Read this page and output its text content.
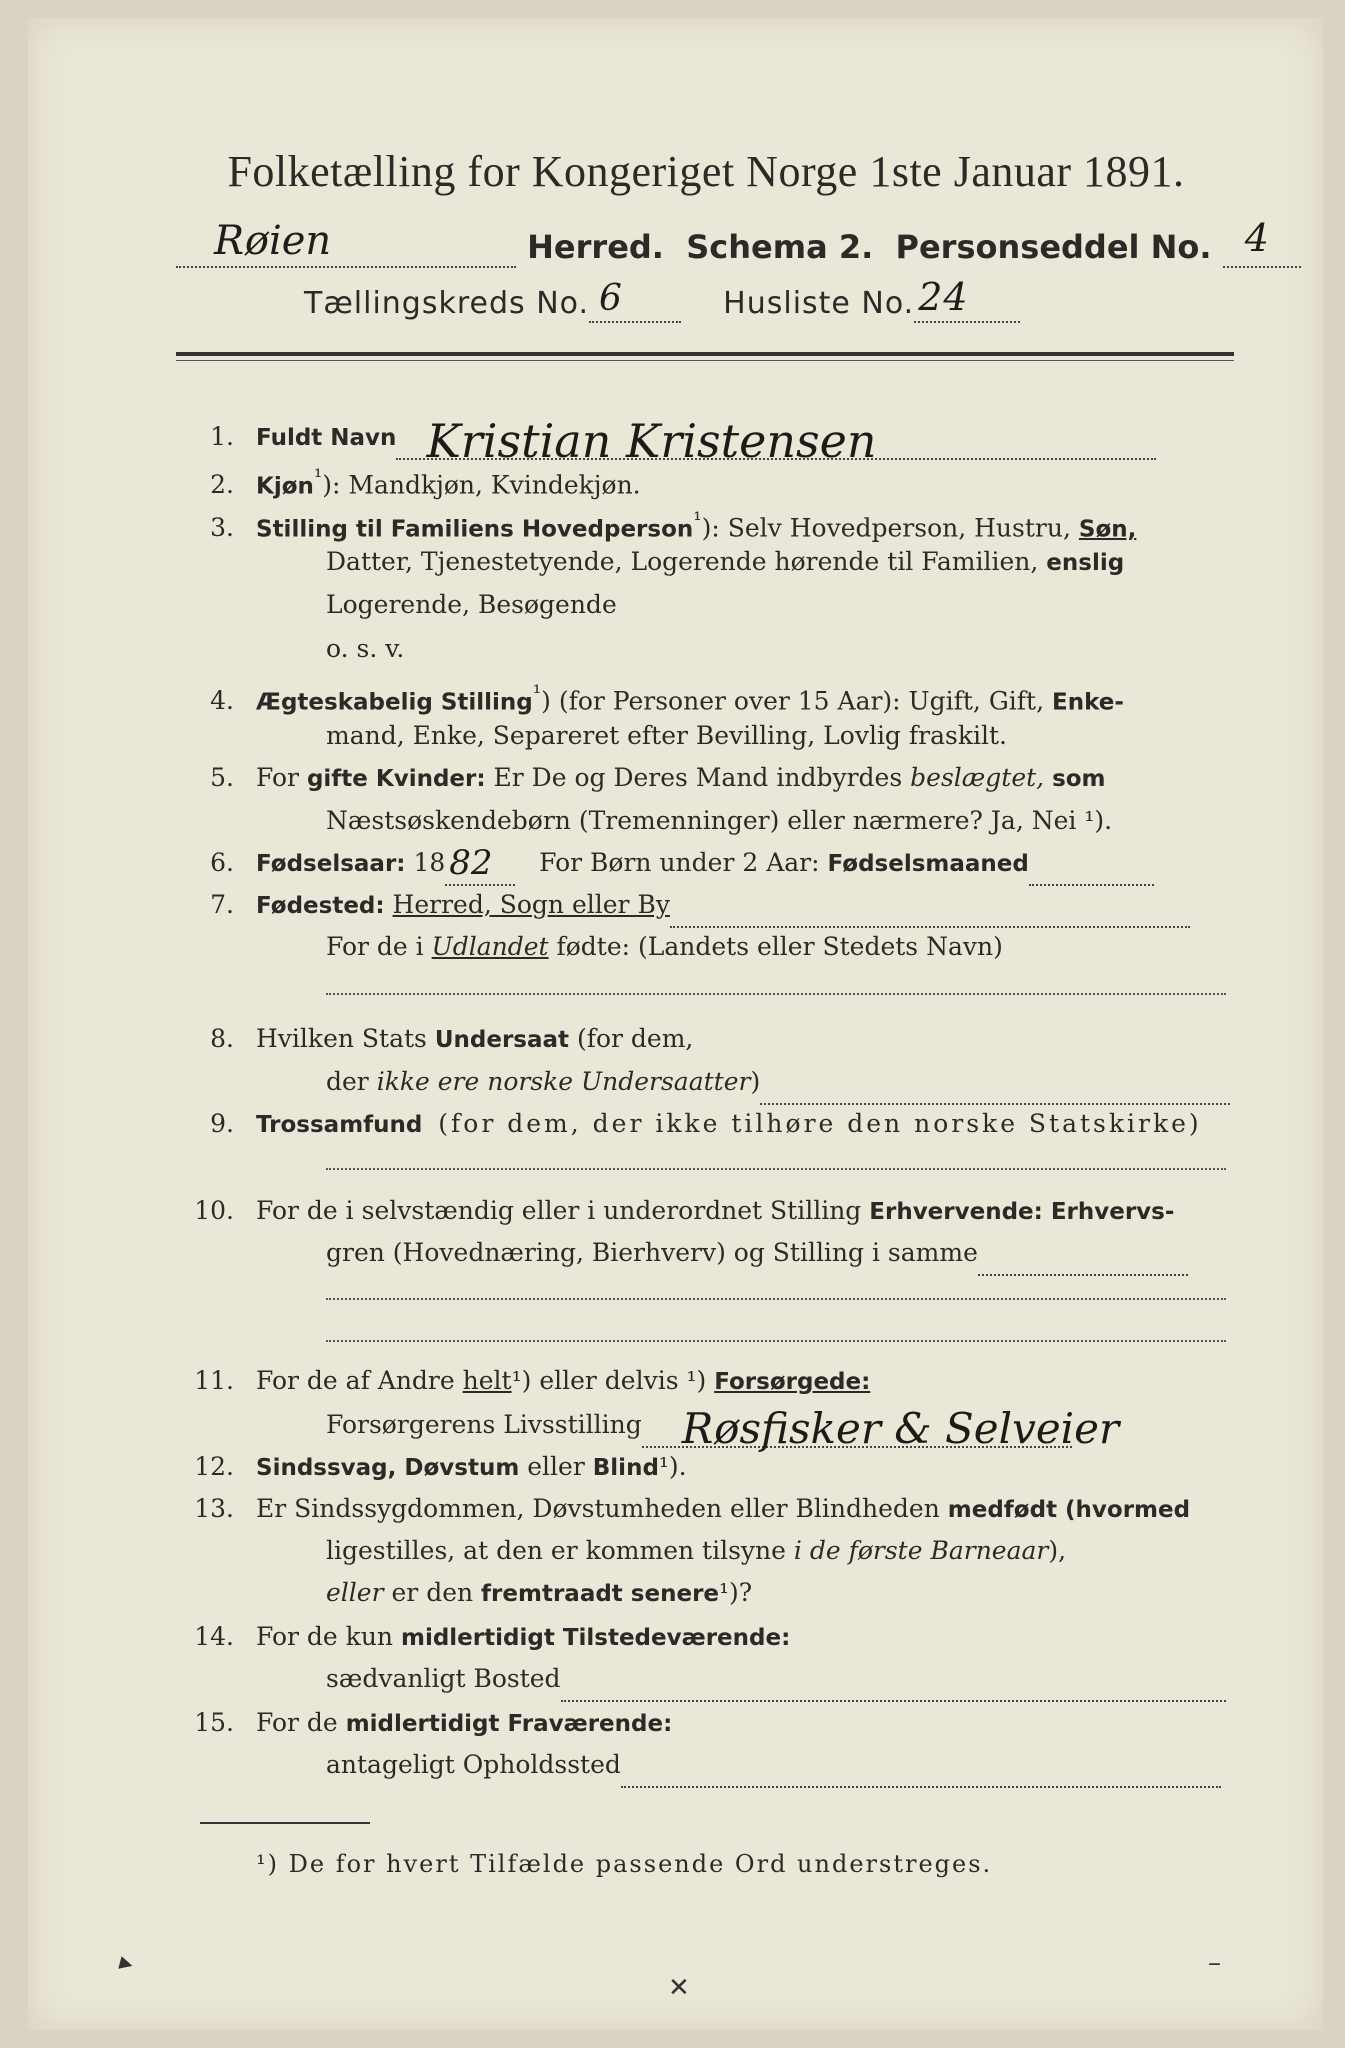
Folketælling for Kongeriget Norge 1ste Januar 1891.
Røien	Herred. Schema 2. Personseddel No. 4

Tællingskreds No. 6	Husliste No. 24

1. Fuldt Navn Kristian Kristensen

2. Kjøn$^{^1}$): Mandkjøn, Kvindekjøn.
3. Stilling til Familiens Hovedperson$^{^1}$): Selv Hovedperson, Hustru, Søn,
Datter, Tjenestetyende, Logerende hørende til Familien, enslig
Logerende, Besøgende
o. s. v.
4. Ægteskabelig Stilling$^{^1}$) (for Personer over 15 Aar): Ugift, Gift, Enke-
mand, Enke, Separeret efter Bevilling, Lovlig fraskilt.
5. For gifte Kvinder: Er De og Deres Mand indbyrdes beslægtet, som
Næstsøskendebørn (Tremenninger) eller nærmere? Ja, Nei ¹).
6. Fødselsaar: 18 82 For Børn under 2 Aar: Fødselsmaaned
7. Fødested: Herred, Sogn eller By
For de i Udlandet fødte: (Landets eller Stedets Navn)
8. Hvilken Stats Undersaat (for dem,
der ikke ere norske Undersaatter)
9. Trossamfund (for dem, der ikke tilhøre den norske Statskirke)
10. For de i selvstændig eller i underordnet Stilling Erhvervende: Erhvervs-
gren (Hovednæring, Bierhverv) og Stilling i samme
11. For de af Andre helt¹) eller delvis ¹) Forsørgede:
Forsørgerens Livsstilling Røsfisker & Selveier

12. Sindssvag, Døvstum eller Blind¹).
13. Er Sindssygdommen, Døvstumheden eller Blindheden medfødt (hvormed
ligestilles, at den er kommen tilsyne i de første Barneaar),
eller er den fremtraadt senere¹)?
14. For de kun midlertidigt Tilstedeværende:
sædvanligt Bosted
15. For de midlertidigt Fraværende:
antageligt Opholdssted
¹) De for hvert Tilfælde passende Ord understreges.
▸
✕
–
